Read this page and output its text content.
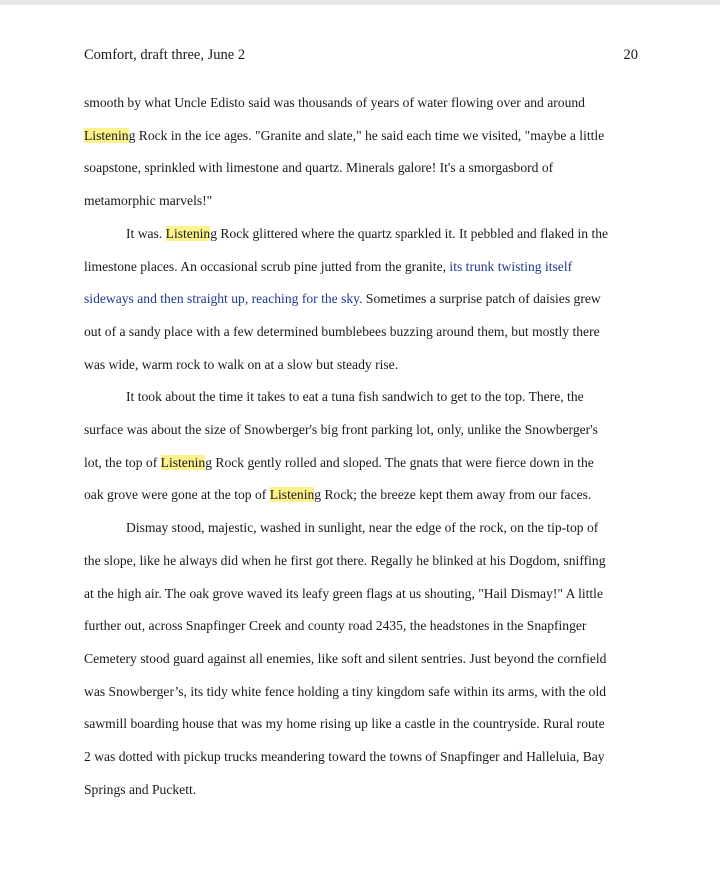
Comfort, draft three, June 2	20

smooth by what Uncle Edisto said was thousands of years of water flowing over and around
Listening Rock in the ice ages. "Granite and slate," he said each time we visited, "maybe a little
soapstone, sprinkled with limestone and quartz. Minerals galore! It's a smorgasbord of
metamorphic marvels!"

It was. Listening Rock glittered where the quartz sparkled it. It pebbled and flaked in the
limestone places. An occasional scrub pine jutted from the granite, its trunk twisting itself
sideways and then straight up, reaching for the sky. Sometimes a surprise patch of daisies grew
out of a sandy place with a few determined bumblebees buzzing around them, but mostly there
was wide, warm rock to walk on at a slow but steady rise.

It took about the time it takes to eat a tuna fish sandwich to get to the top. There, the
surface was about the size of Snowberger's big front parking lot, only, unlike the Snowberger's
lot, the top of Listening Rock gently rolled and sloped. The gnats that were fierce down in the
oak grove were gone at the top of Listening Rock; the breeze kept them away from our faces.

Dismay stood, majestic, washed in sunlight, near the edge of the rock, on the tip-top of
the slope, like he always did when he first got there. Regally he blinked at his Dogdom, sniffing
at the high air. The oak grove waved its leafy green flags at us shouting, "Hail Dismay!" A little
further out, across Snapfinger Creek and county road 2435, the headstones in the Snapfinger
Cemetery stood guard against all enemies, like soft and silent sentries. Just beyond the cornfield
was Snowberger’s, its tidy white fence holding a tiny kingdom safe within its arms, with the old
sawmill boarding house that was my home rising up like a castle in the countryside. Rural route
2 was dotted with pickup trucks meandering toward the towns of Snapfinger and Halleluia, Bay
Springs and Puckett.
